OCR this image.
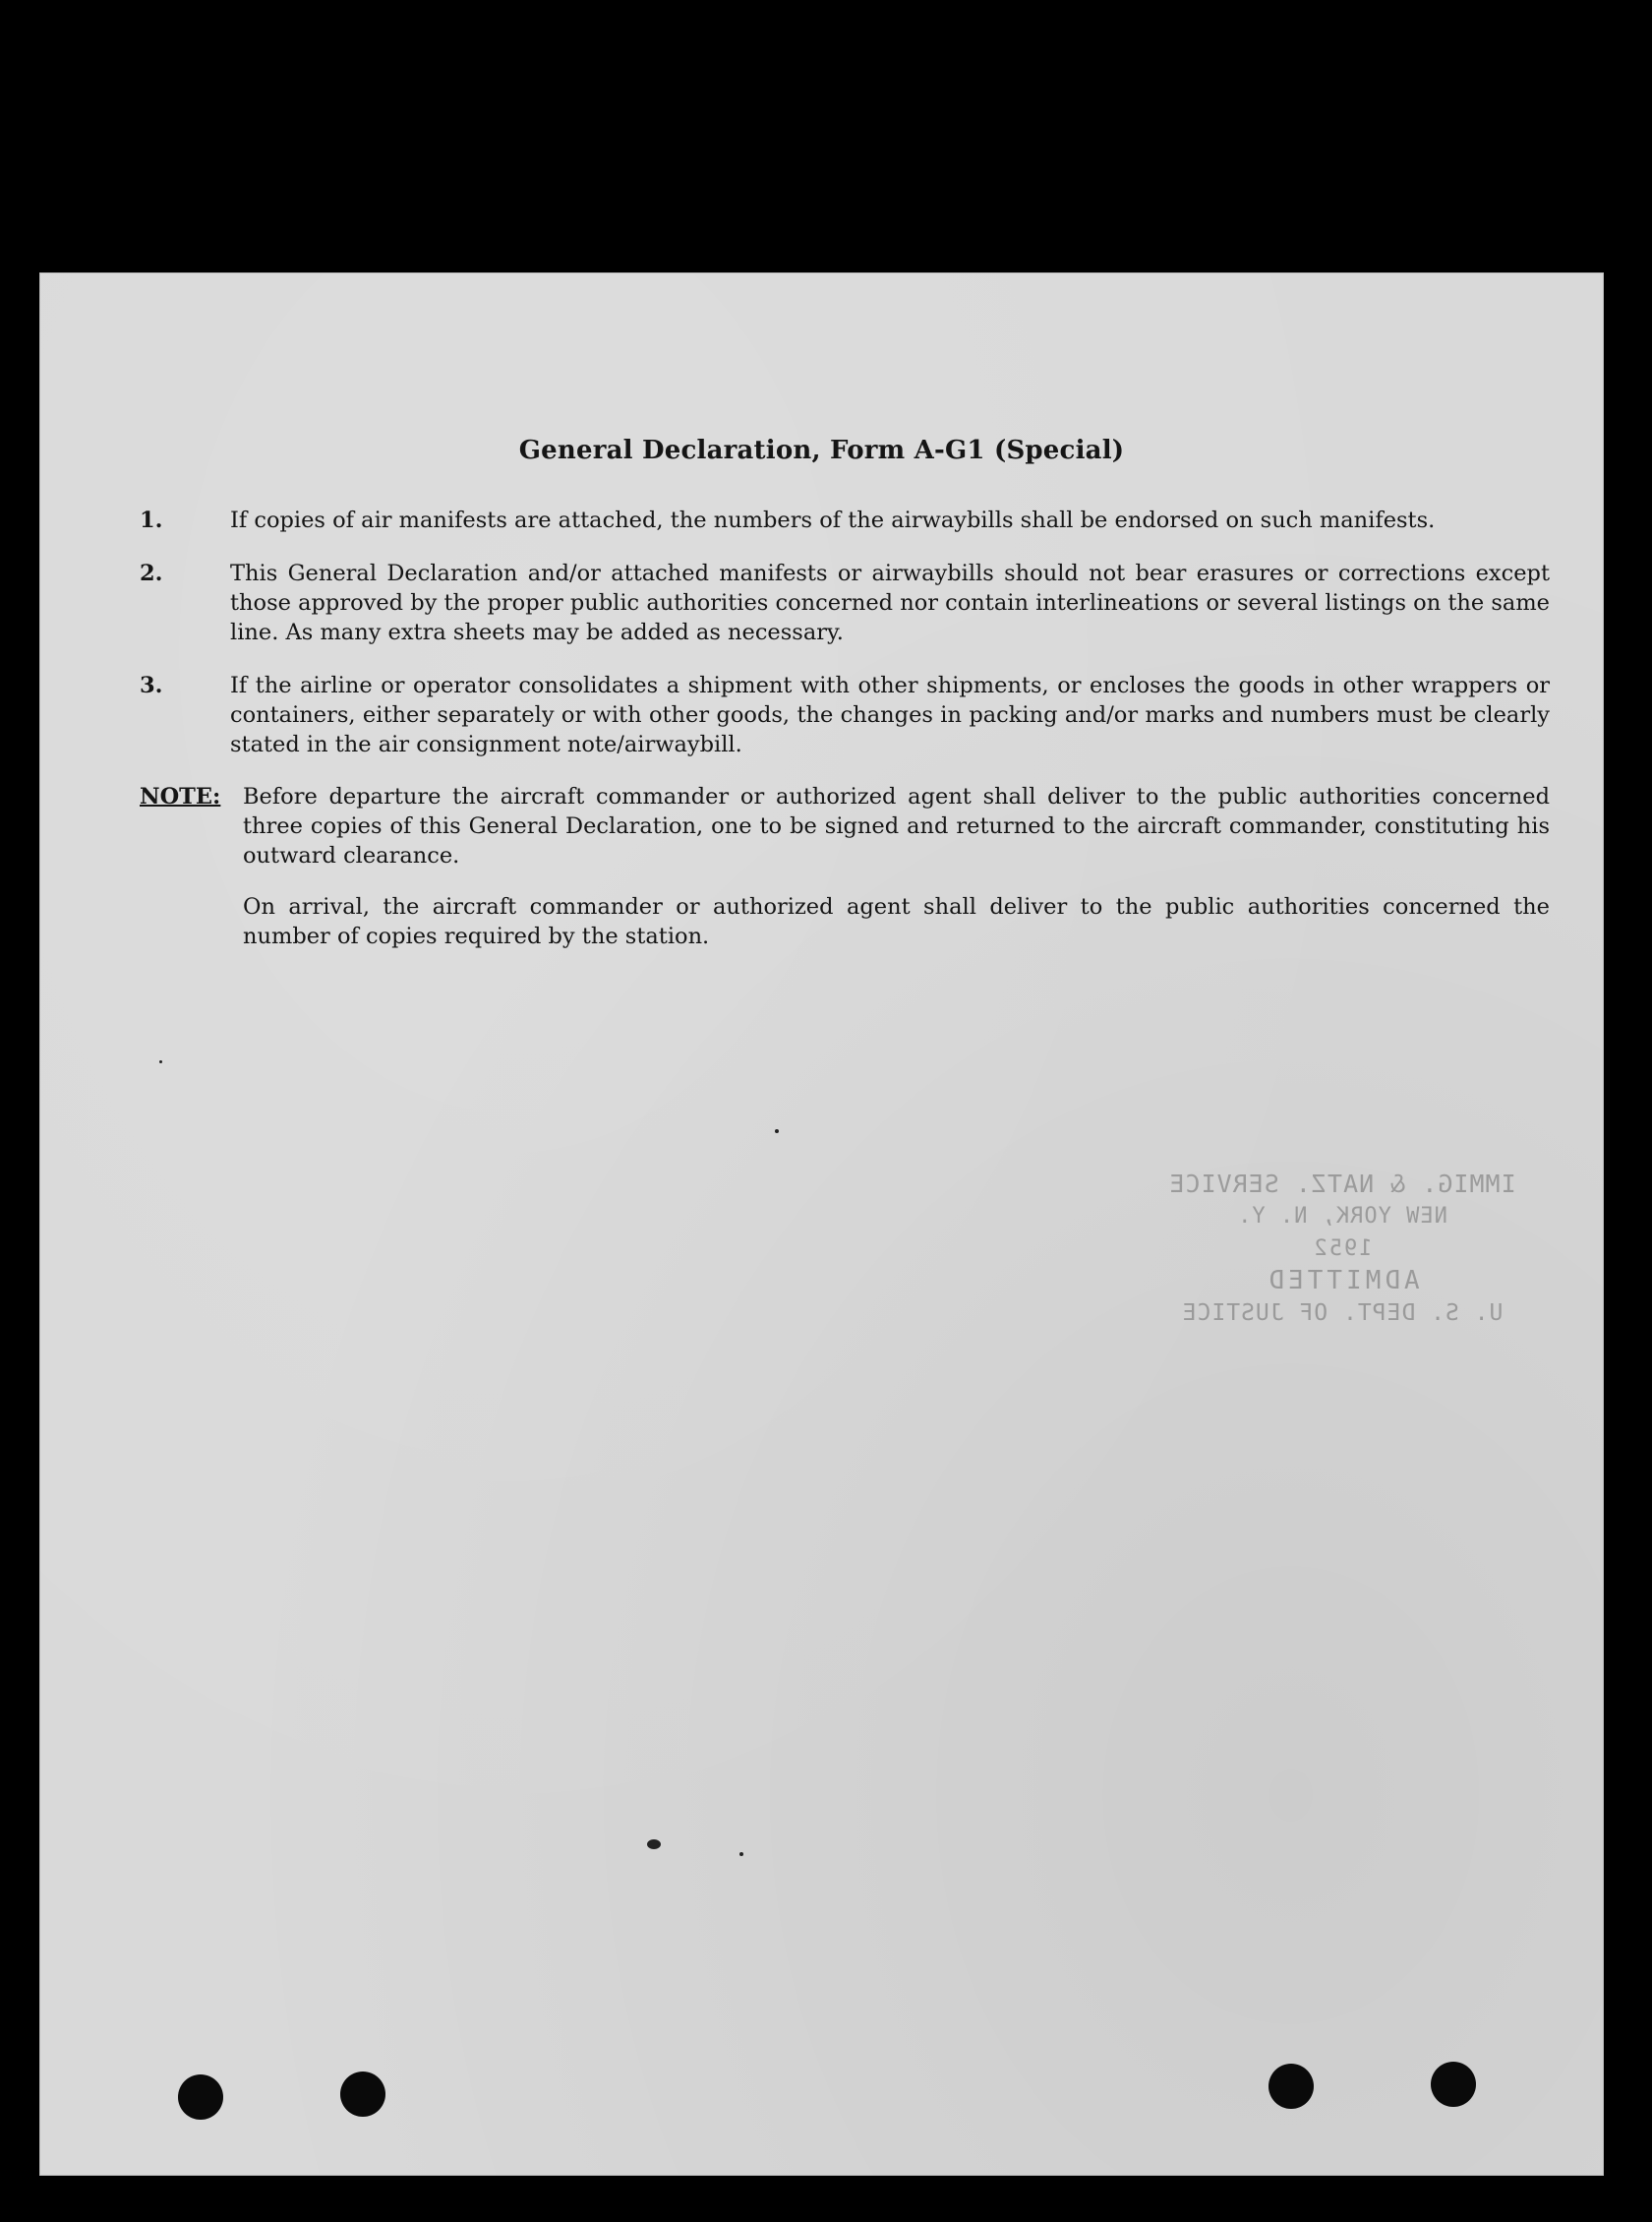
General Declaration, Form A-G1 (Special)
1.	If copies of air manifests are attached, the numbers of the airwaybills shall be endorsed on such manifests.
2.	This General Declaration and/or attached manifests or airwaybills should not bear erasures or corrections except those approved by the proper public authorities concerned nor contain interlineations or several listings on the same line. As many extra sheets may be added as necessary.
3.	If the airline or operator consolidates a shipment with other shipments, or encloses the goods in other wrappers or containers, either separately or with other goods, the changes in packing and/or marks and numbers must be clearly stated in the air consignment note/airwaybill.
NOTE: Before departure the aircraft commander or authorized agent shall deliver to the public authorities concerned three copies of this General Declaration, one to be signed and returned to the aircraft commander, constituting his outward clearance.
On arrival, the aircraft commander or authorized agent shall deliver to the public authorities concerned the number of copies required by the station.
IMMIG. & NATZ. SERVICE
NEW YORK, N. Y.
1952
ADMITTED
U. S. DEPT. OF JUSTICE
